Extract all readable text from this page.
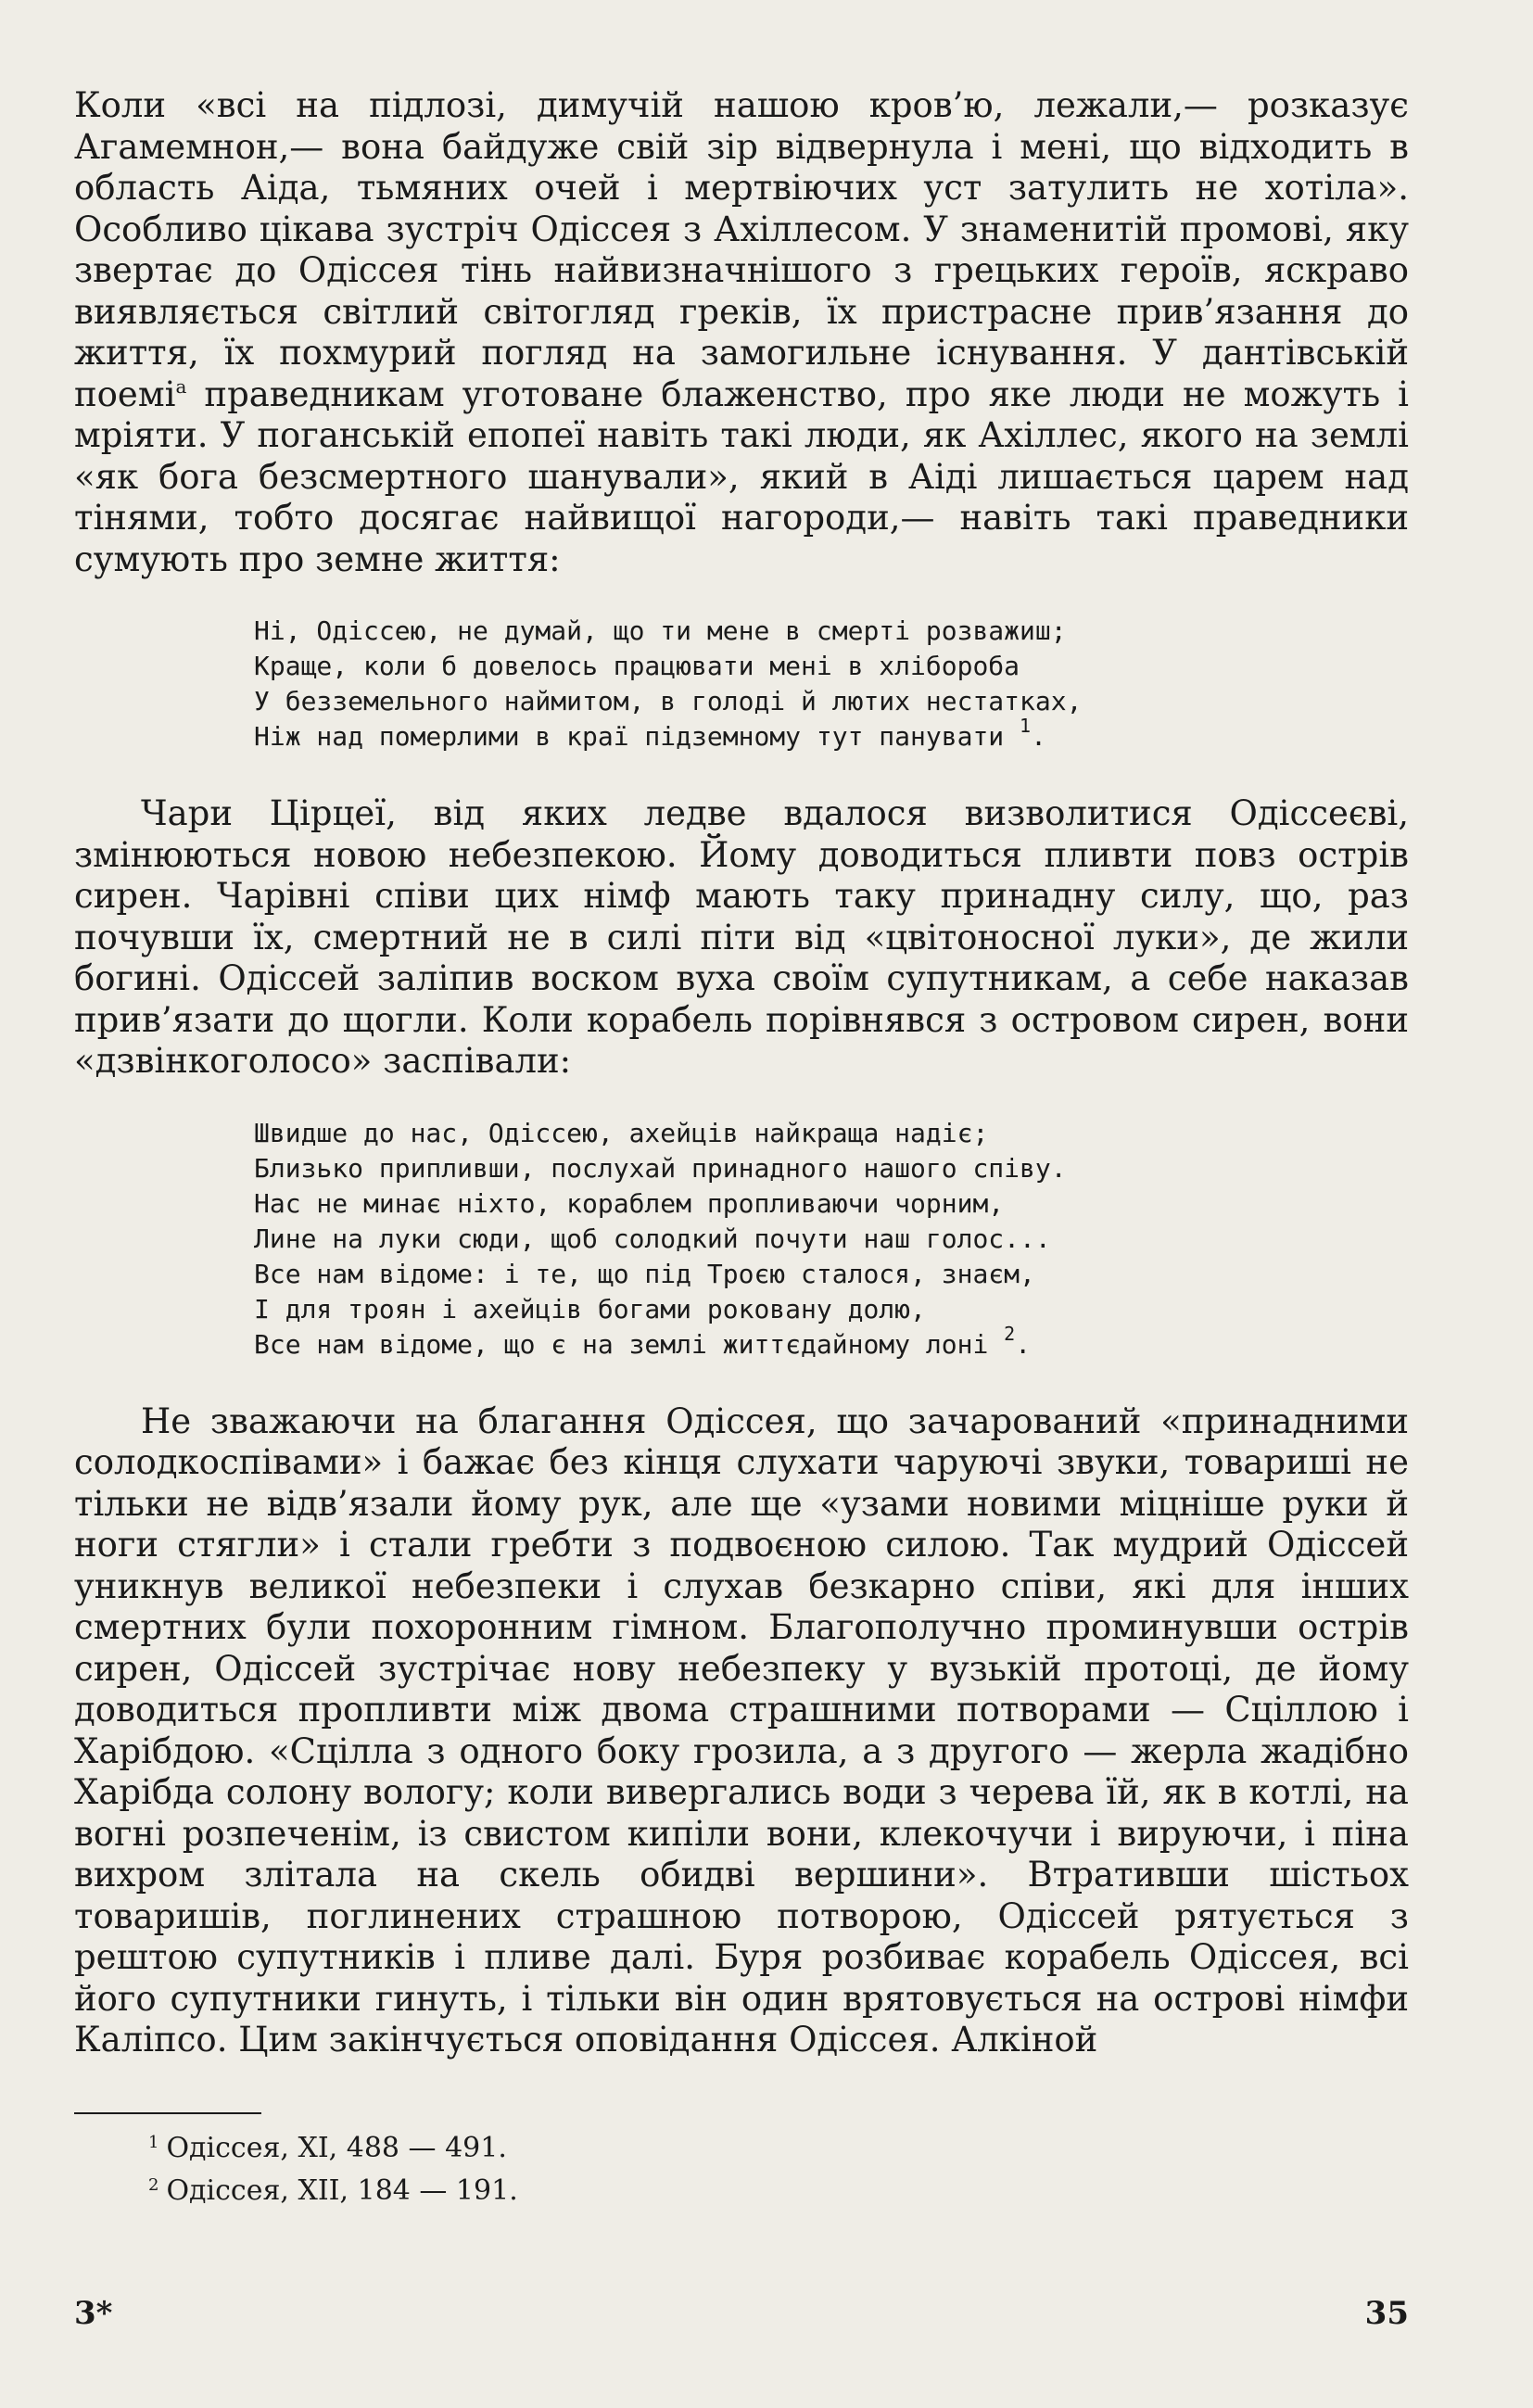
Коли «всі на підлозі, димучій нашою кров’ю, лежали,— розказує Агамемнон,— вона байдуже свій зір відвернула і мені, що відходить в область Аіда, тьмяних очей і мертвіючих уст затулить не хотіла». Особливо цікава зустріч Одіссея з Ахіллесом. У знаменитій промові, яку звертає до Одіссея тінь найвизначнішого з грецьких героїв, яскраво виявляється світлий світогляд греків, їх пристрасне прив’язання до життя, їх похмурий погляд на замогильне існування. У дантівській поемі$^а$ праведникам уготоване блаженство, про яке люди не можуть і мріяти. У поганській епопеї навіть такі люди, як Ахіллес, якого на землі «як бога безсмертного шанували», який в Аіді лишається царем над тінями, тобто досягає найвищої нагороди,— навіть такі праведники сумують про земне життя:

Ні, Одіссею, не думай, що ти мене в смерті розважиш;
Краще, коли б довелось працювати мені в хлібороба
У безземельного наймитом, в голоді й лютих нестатках,
Ніж над померлими в краї підземному тут панувати $^1$.

Чари Цірцеї, від яких ледве вдалося визволитися Одіссеєві, змінюються новою небезпекою. Йому доводиться пливти повз острів сирен. Чарівні співи цих німф мають таку принадну силу, що, раз почувши їх, смертний не в силі піти від «цвітоносної луки», де жили богині. Одіссей заліпив воском вуха своїм супутникам, а себе наказав прив’язати до щогли. Коли корабель порівнявся з островом сирен, вони «дзвінкоголосо» заспівали:

Швидше до нас, Одіссею, ахейців найкраща надіє;
Близько припливши, послухай принадного нашого співу.
Нас не минає ніхто, кораблем пропливаючи чорним,
Лине на луки сюди, щоб солодкий почути наш голос...
Все нам відоме: і те, що під Троєю сталося, знаєм,
І для троян і ахейців богами роковану долю,
Все нам відоме, що є на землі життєдайному лоні $^2$.

Не зважаючи на благання Одіссея, що зачарований «принадними солодкоспівами» і бажає без кінця слухати чаруючі звуки, товариші не тільки не відв’язали йому рук, але ще «узами новими міцніше руки й ноги стягли» і стали гребти з подвоєною силою. Так мудрий Одіссей уникнув великої небезпеки і слухав безкарно співи, які для інших смертних були похоронним гімном. Благополучно проминувши острів сирен, Одіссей зустрічає нову небезпеку у вузькій протоці, де йому доводиться пропливти між двома страшними потворами — Сціллою і Харібдою. «Сцілла з одного боку грозила, а з другого — жерла жадібно Харібда солону вологу; коли вивергались води з черева їй, як в котлі, на вогні розпеченім, із свистом кипіли вони, клекочучи і вируючи, і піна вихром злітала на скель обидві вершини». Втративши шістьох товаришів, поглинених страшною потворою, Одіссей рятується з рештою супутників і пливе далі. Буря розбиває корабель Одіссея, всі його супутники гинуть, і тільки він один врятовується на острові німфи Каліпсо. Цим закінчується оповідання Одіссея. Алкіной

$^1$ Одіссея, XI, 488 — 491.
$^2$ Одіссея, XII, 184 — 191.
3*	35
